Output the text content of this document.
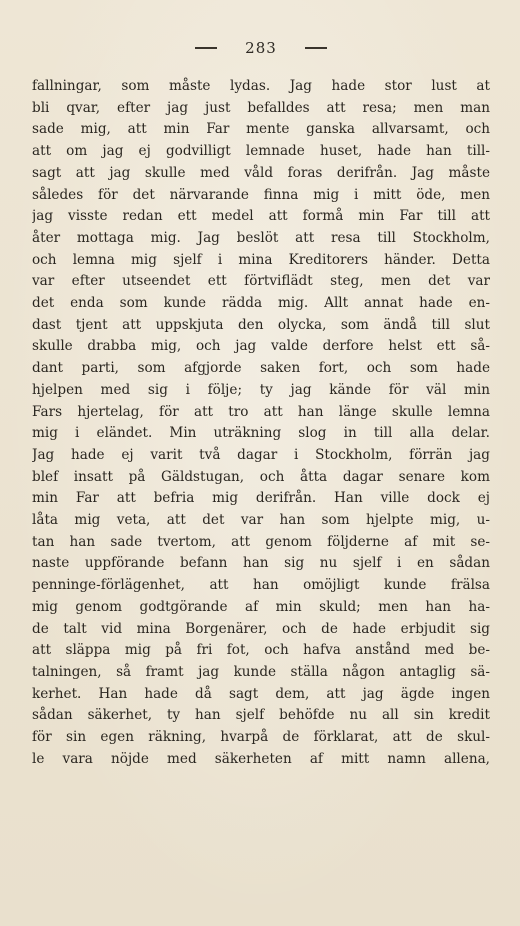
283
fallningar, som måste lydas. Jag hade stor lust at
bli qvar, efter jag just befalldes att resa; men man
sade mig, att min Far mente ganska allvarsamt, och
att om jag ej godvilligt lemnade huset, hade han till-
sagt att jag skulle med våld foras derifrån. Jag måste
således för det närvarande finna mig i mitt öde, men
jag visste redan ett medel att formå min Far till att
åter mottaga mig. Jag beslöt att resa till Stockholm,
och lemna mig sjelf i mina Kreditorers händer. Detta
var efter utseendet ett förtviflädt steg, men det var
det enda som kunde rädda mig. Allt annat hade en-
dast tjent att uppskjuta den olycka, som ändå till slut
skulle drabba mig, och jag valde derfore helst ett så-
dant parti, som afgjorde saken fort, och som hade
hjelpen med sig i följe; ty jag kände för väl min
Fars hjertelag, för att tro att han länge skulle lemna
mig i eländet. Min uträkning slog in till alla delar.
Jag hade ej varit två dagar i Stockholm, förrän jag
blef insatt på Gäldstugan, och åtta dagar senare kom
min Far att befria mig derifrån. Han ville dock ej
låta mig veta, att det var han som hjelpte mig, u-
tan han sade tvertom, att genom följderne af mit se-
naste uppförande befann han sig nu sjelf i en sådan
penninge-förlägenhet, att han omöjligt kunde frälsa
mig genom godtgörande af min skuld; men han ha-
de talt vid mina Borgenärer, och de hade erbjudit sig
att släppa mig på fri fot, och hafva anstånd med be-
talningen, så framt jag kunde ställa någon antaglig sä-
kerhet. Han hade då sagt dem, att jag ägde ingen
sådan säkerhet, ty han sjelf behöfde nu all sin kredit
för sin egen räkning, hvarpå de förklarat, att de skul-
le vara nöjde med säkerheten af mitt namn allena,
